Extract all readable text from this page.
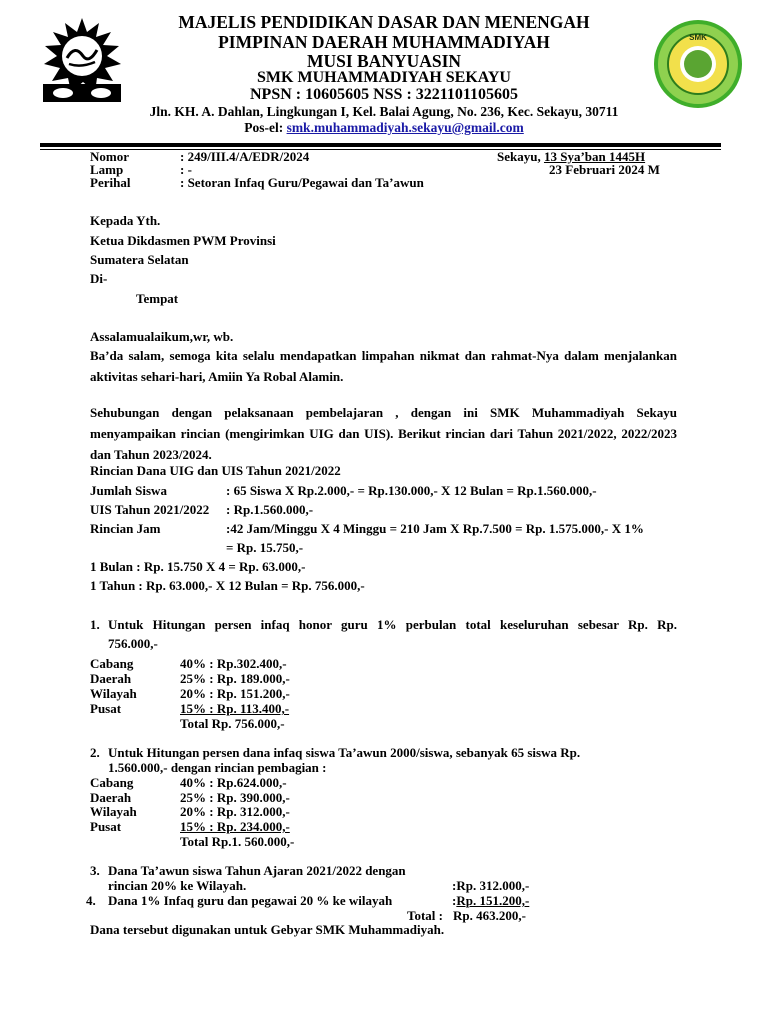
SMK
MAJELIS PENDIDIKAN DASAR DAN MENENGAH
PIMPINAN DAERAH MUHAMMADIYAH
MUSI BANYUASIN
SMK MUHAMMADIYAH SEKAYU
NPSN : 10605605 NSS : 3221101105605
Jln. KH. A. Dahlan, Lingkungan I, Kel. Balai Agung, No. 236, Kec. Sekayu, 30711
Pos-el: smk.muhammadiyah.sekayu@gmail.com
Nomor	: 249/III.4/A/EDR/2024
Lamp	: -
Perihal	: Setoran Infaq Guru/Pegawai dan Ta’awun
Sekayu, 13 Sya’ban 1445H
23 Februari 2024 M
Kepada Yth.
Ketua Dikdasmen PWM Provinsi
Sumatera Selatan
Di-
Tempat
Assalamualaikum,wr, wb.
Ba’da salam, semoga kita selalu mendapatkan limpahan nikmat dan rahmat-Nya dalam menjalankan aktivitas sehari-hari, Amiin Ya Robal Alamin.
Sehubungan dengan pelaksanaan pembelajaran , dengan ini SMK Muhammadiyah Sekayu menyampaikan rincian (mengirimkan UIG dan UIS). Berikut rincian dari Tahun 2021/2022, 2022/2023 dan Tahun 2023/2024.
Rincian Dana UIG dan UIS Tahun 2021/2022
Jumlah Siswa	: 65 Siswa X Rp.2.000,- = Rp.130.000,- X 12 Bulan = Rp.1.560.000,-
UIS Tahun 2021/2022 : Rp.1.560.000,-
Rincian Jam	:42 Jam/Minggu X 4 Minggu = 210 Jam X Rp.7.500 = Rp. 1.575.000,- X 1%
= Rp. 15.750,-
1 Bulan : Rp. 15.750 X 4 = Rp. 63.000,-
1 Tahun : Rp. 63.000,- X 12 Bulan = Rp. 756.000,-
1. Untuk Hitungan persen infaq honor guru 1% perbulan total keseluruhan sebesar Rp. Rp.
756.000,-
Cabang	40% : Rp.302.400,-
Daerah	25% : Rp. 189.000,-
Wilayah	20% : Rp. 151.200,-
Pusat	15% : Rp. 113.400,-
Total Rp. 756.000,-
2. Untuk Hitungan persen dana infaq siswa Ta’awun 2000/siswa, sebanyak 65 siswa Rp.
1.560.000,- dengan rincian pembagian :
Cabang	40% : Rp.624.000,-
Daerah	25% : Rp. 390.000,-
Wilayah	20% : Rp. 312.000,-
Pusat	15% : Rp. 234.000,-
Total Rp.1. 560.000,-
3. Dana Ta’awun siswa Tahun Ajaran 2021/2022 dengan
rincian 20% ke Wilayah.	:Rp. 312.000,-
4. Dana 1% Infaq guru dan pegawai 20 % ke wilayah	:Rp. 151.200,-
Total : Rp. 463.200,-
Dana tersebut digunakan untuk Gebyar SMK Muhammadiyah.
